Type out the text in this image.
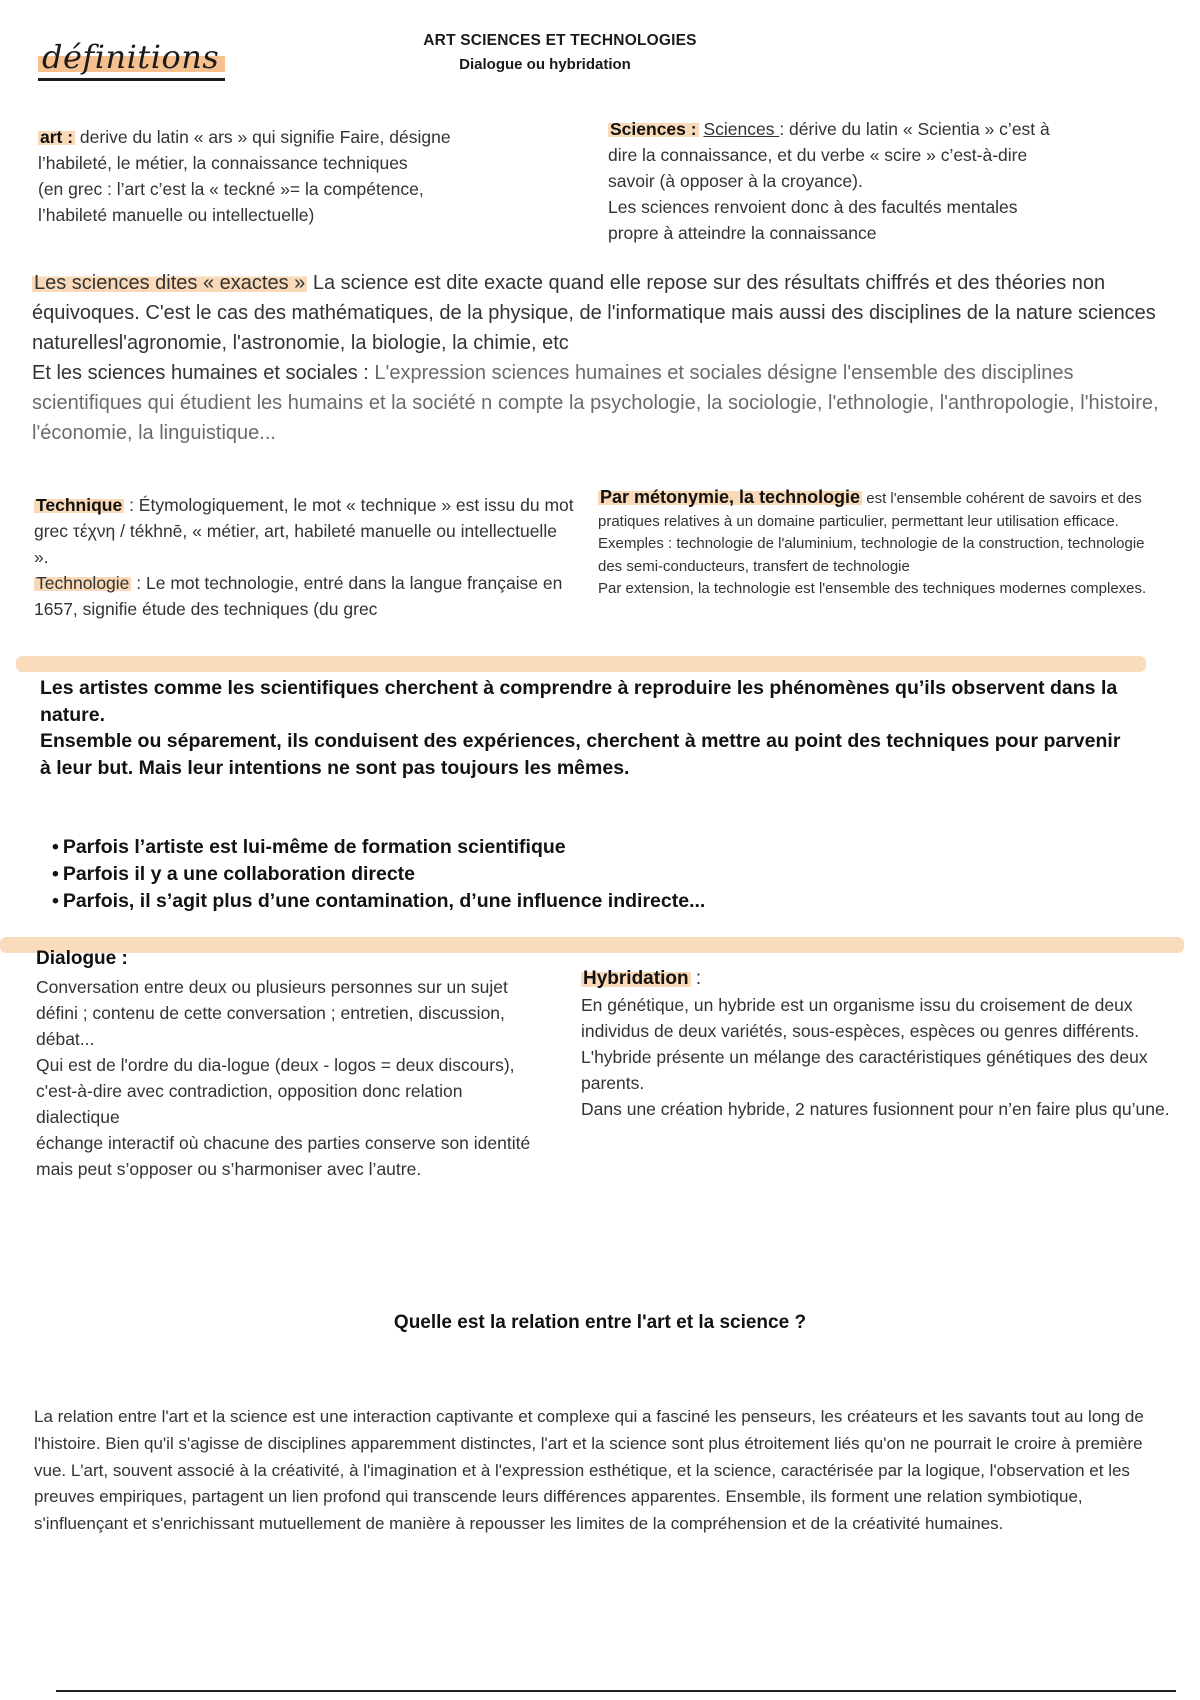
définitions	ART SCIENCES ET TECHNOLOGIES
Dialogue ou hybridation
art : derive du latin « ars » qui signifie Faire, désigne
l’habileté, le métier, la connaissance techniques
(en grec : l’art c’est la « teckné »= la compétence,
l’habileté manuelle ou intellectuelle)
Sciences : Sciences : dérive du latin « Scientia » c’est à
dire la connaissance, et du verbe « scire » c’est-à-dire
savoir (à opposer à la croyance).
Les sciences renvoient donc à des facultés mentales
propre à atteindre la connaissance
Les sciences dites « exactes » La science est dite exacte quand elle repose sur des résultats chiffrés et des théories non équivoques. C'est le cas des mathématiques, de la physique, de l'informatique mais aussi des disciplines de la nature sciences naturellesl'agronomie, l'astronomie, la biologie, la chimie, etc
Et les sciences humaines et sociales : L'expression sciences humaines et sociales désigne l'ensemble des disciplines scientifiques qui étudient les humains et la société n compte la psychologie, la sociologie, l'ethnologie, l'anthropologie, l'histoire, l'économie, la linguistique...
Technique : Étymologiquement, le mot « technique » est issu du mot grec τέχνη / tékhnē, « métier, art, habileté manuelle ou intellectuelle ».
Technologie : Le mot technologie, entré dans la langue française en 1657, signifie étude des techniques (du grec
Par métonymie, la technologie est l'ensemble cohérent de savoirs et des pratiques relatives à un domaine particulier, permettant leur utilisation efficace.
Exemples : technologie de l'aluminium, technologie de la construction, technologie des semi-conducteurs, transfert de technologie
Par extension, la technologie est l'ensemble des techniques modernes complexes.
Les artistes comme les scientifiques cherchent à comprendre à reproduire les phénomènes qu’ils observent dans la nature.
Ensemble ou séparement, ils conduisent des expériences, cherchent à mettre au point des techniques pour parvenir
à leur but. Mais leur intentions ne sont pas toujours les mêmes.
• Parfois l’artiste est lui-même de formation scientifique
• Parfois il y a une collaboration directe
• Parfois, il s’agit plus d’une contamination, d’une influence indirecte...
Dialogue :
Conversation entre deux ou plusieurs personnes sur un sujet défini ; contenu de cette conversation ; entretien, discussion, débat...
Qui est de l'ordre du dia-logue (deux - logos = deux discours), c'est-à-dire avec contradiction, opposition donc relation dialectique
échange interactif où chacune des parties conserve son identité mais peut s’opposer ou s’harmoniser avec l’autre.
Hybridation :
En génétique, un hybride est un organisme issu du croisement de deux individus de deux variétés, sous-espèces, espèces ou genres différents.
L'hybride présente un mélange des caractéristiques génétiques des deux parents.
Dans une création hybride, 2 natures fusionnent pour n’en faire plus qu’une.
Quelle est la relation entre l'art et la science ?
La relation entre l'art et la science est une interaction captivante et complexe qui a fasciné les penseurs, les créateurs et les savants tout au long de l'histoire. Bien qu'il s'agisse de disciplines apparemment distinctes, l'art et la science sont plus étroitement liés qu'on ne pourrait le croire à première vue. L'art, souvent associé à la créativité, à l'imagination et à l'expression esthétique, et la science, caractérisée par la logique, l'observation et les preuves empiriques, partagent un lien profond qui transcende leurs différences apparentes. Ensemble, ils forment une relation symbiotique, s'influençant et s'enrichissant mutuellement de manière à repousser les limites de la compréhension et de la créativité humaines.
